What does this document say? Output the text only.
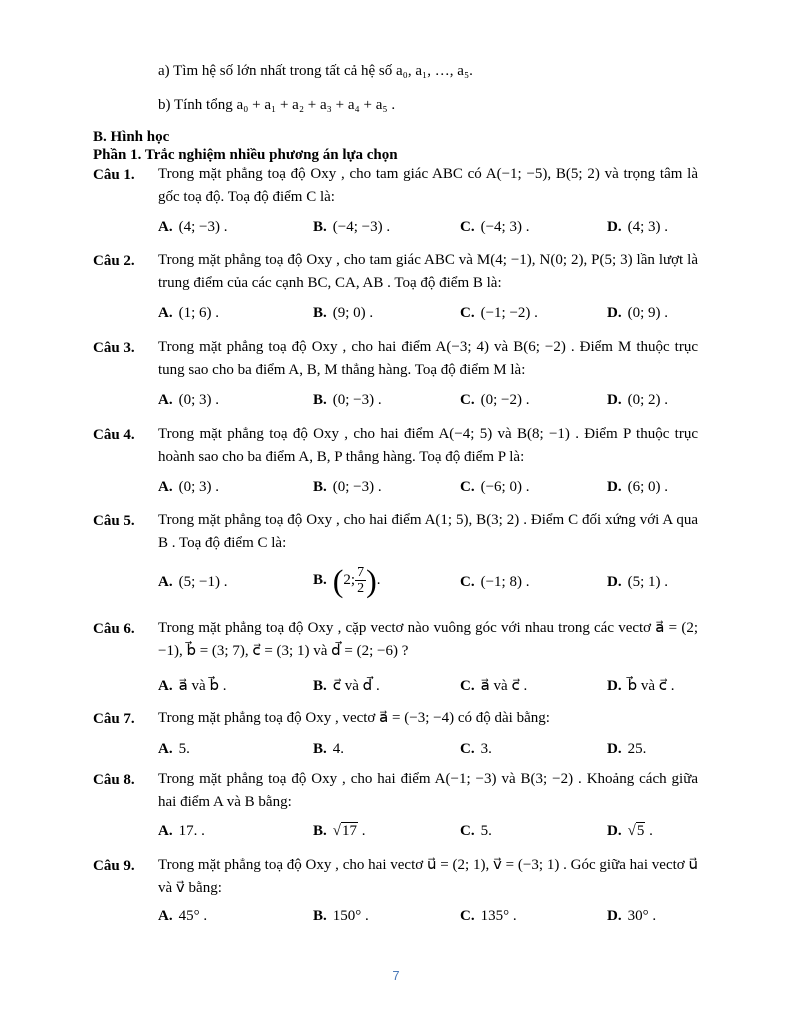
a) Tìm hệ số lớn nhất trong tất cả hệ số a₀, a₁, …, a₅.
b) Tính tổng a₀ + a₁ + a₂ + a₃ + a₄ + a₅ .
B. Hình học
Phần 1. Trắc nghiệm nhiều phương án lựa chọn
Câu 1. Trong mặt phẳng toạ độ Oxy , cho tam giác ABC có A(−1; −5), B(5; 2) và trọng tâm là gốc toạ độ. Toạ độ điểm C là:
A. (4; −3) .	B. (−4; −3) .	C. (−4; 3) .	D. (4; 3) .
Câu 2. Trong mặt phẳng toạ độ Oxy , cho tam giác ABC và M(4; −1), N(0; 2), P(5; 3) lần lượt là trung điểm của các cạnh BC, CA, AB . Toạ độ điểm B là:
A. (1; 6) .	B. (9; 0) .	C. (−1; −2) .	D. (0; 9) .
Câu 3. Trong mặt phẳng toạ độ Oxy , cho hai điểm A(−3; 4) và B(6; −2) . Điểm M thuộc trục tung sao cho ba điểm A, B, M thẳng hàng. Toạ độ điểm M là:
A. (0; 3) .	B. (0; −3) .	C. (0; −2) .	D. (0; 2) .
Câu 4. Trong mặt phẳng toạ độ Oxy , cho hai điểm A(−4; 5) và B(8; −1) . Điểm P thuộc trục hoành sao cho ba điểm A, B, P thẳng hàng. Toạ độ điểm P là:
A. (0; 3) .	B. (0; −3) .	C. (−6; 0) .	D. (6; 0) .
Câu 5. Trong mặt phẳng toạ độ Oxy , cho hai điểm A(1; 5), B(3; 2) . Điểm C đối xứng với A qua B . Toạ độ điểm C là:
A. (5; −1) .	B. (2; $\frac{7}{2}$).	C. (−1; 8) .	D. (5; 1) .
Câu 6. Trong mặt phẳng toạ độ Oxy , cặp vectơ nào vuông góc với nhau trong các vectơ a⃗ = (2; −1), b⃗ = (3; 7), c⃗ = (3; 1) và d⃗ = (2; −6) ?
A. a⃗ và b⃗ .	B. c⃗ và d⃗ .	C. a⃗ và c⃗ .	D. b⃗ và c⃗ .
Câu 7. Trong mặt phẳng toạ độ Oxy , vectơ a⃗ = (−3; −4) có độ dài bằng:
A. 5.	B. 4.	C. 3.	D. 25.
Câu 8. Trong mặt phẳng toạ độ Oxy , cho hai điểm A(−1; −3) và B(3; −2) . Khoảng cách giữa hai điểm A và B bằng:
A. 17. .	B. √17 .	C. 5.	D. √5 .
Câu 9. Trong mặt phẳng toạ độ Oxy , cho hai vectơ u⃗ = (2; 1), v⃗ = (−3; 1) . Góc giữa hai vectơ u⃗ và v⃗ bằng:
A. 45° .	B. 150° .	C. 135° .	D. 30° .
7
